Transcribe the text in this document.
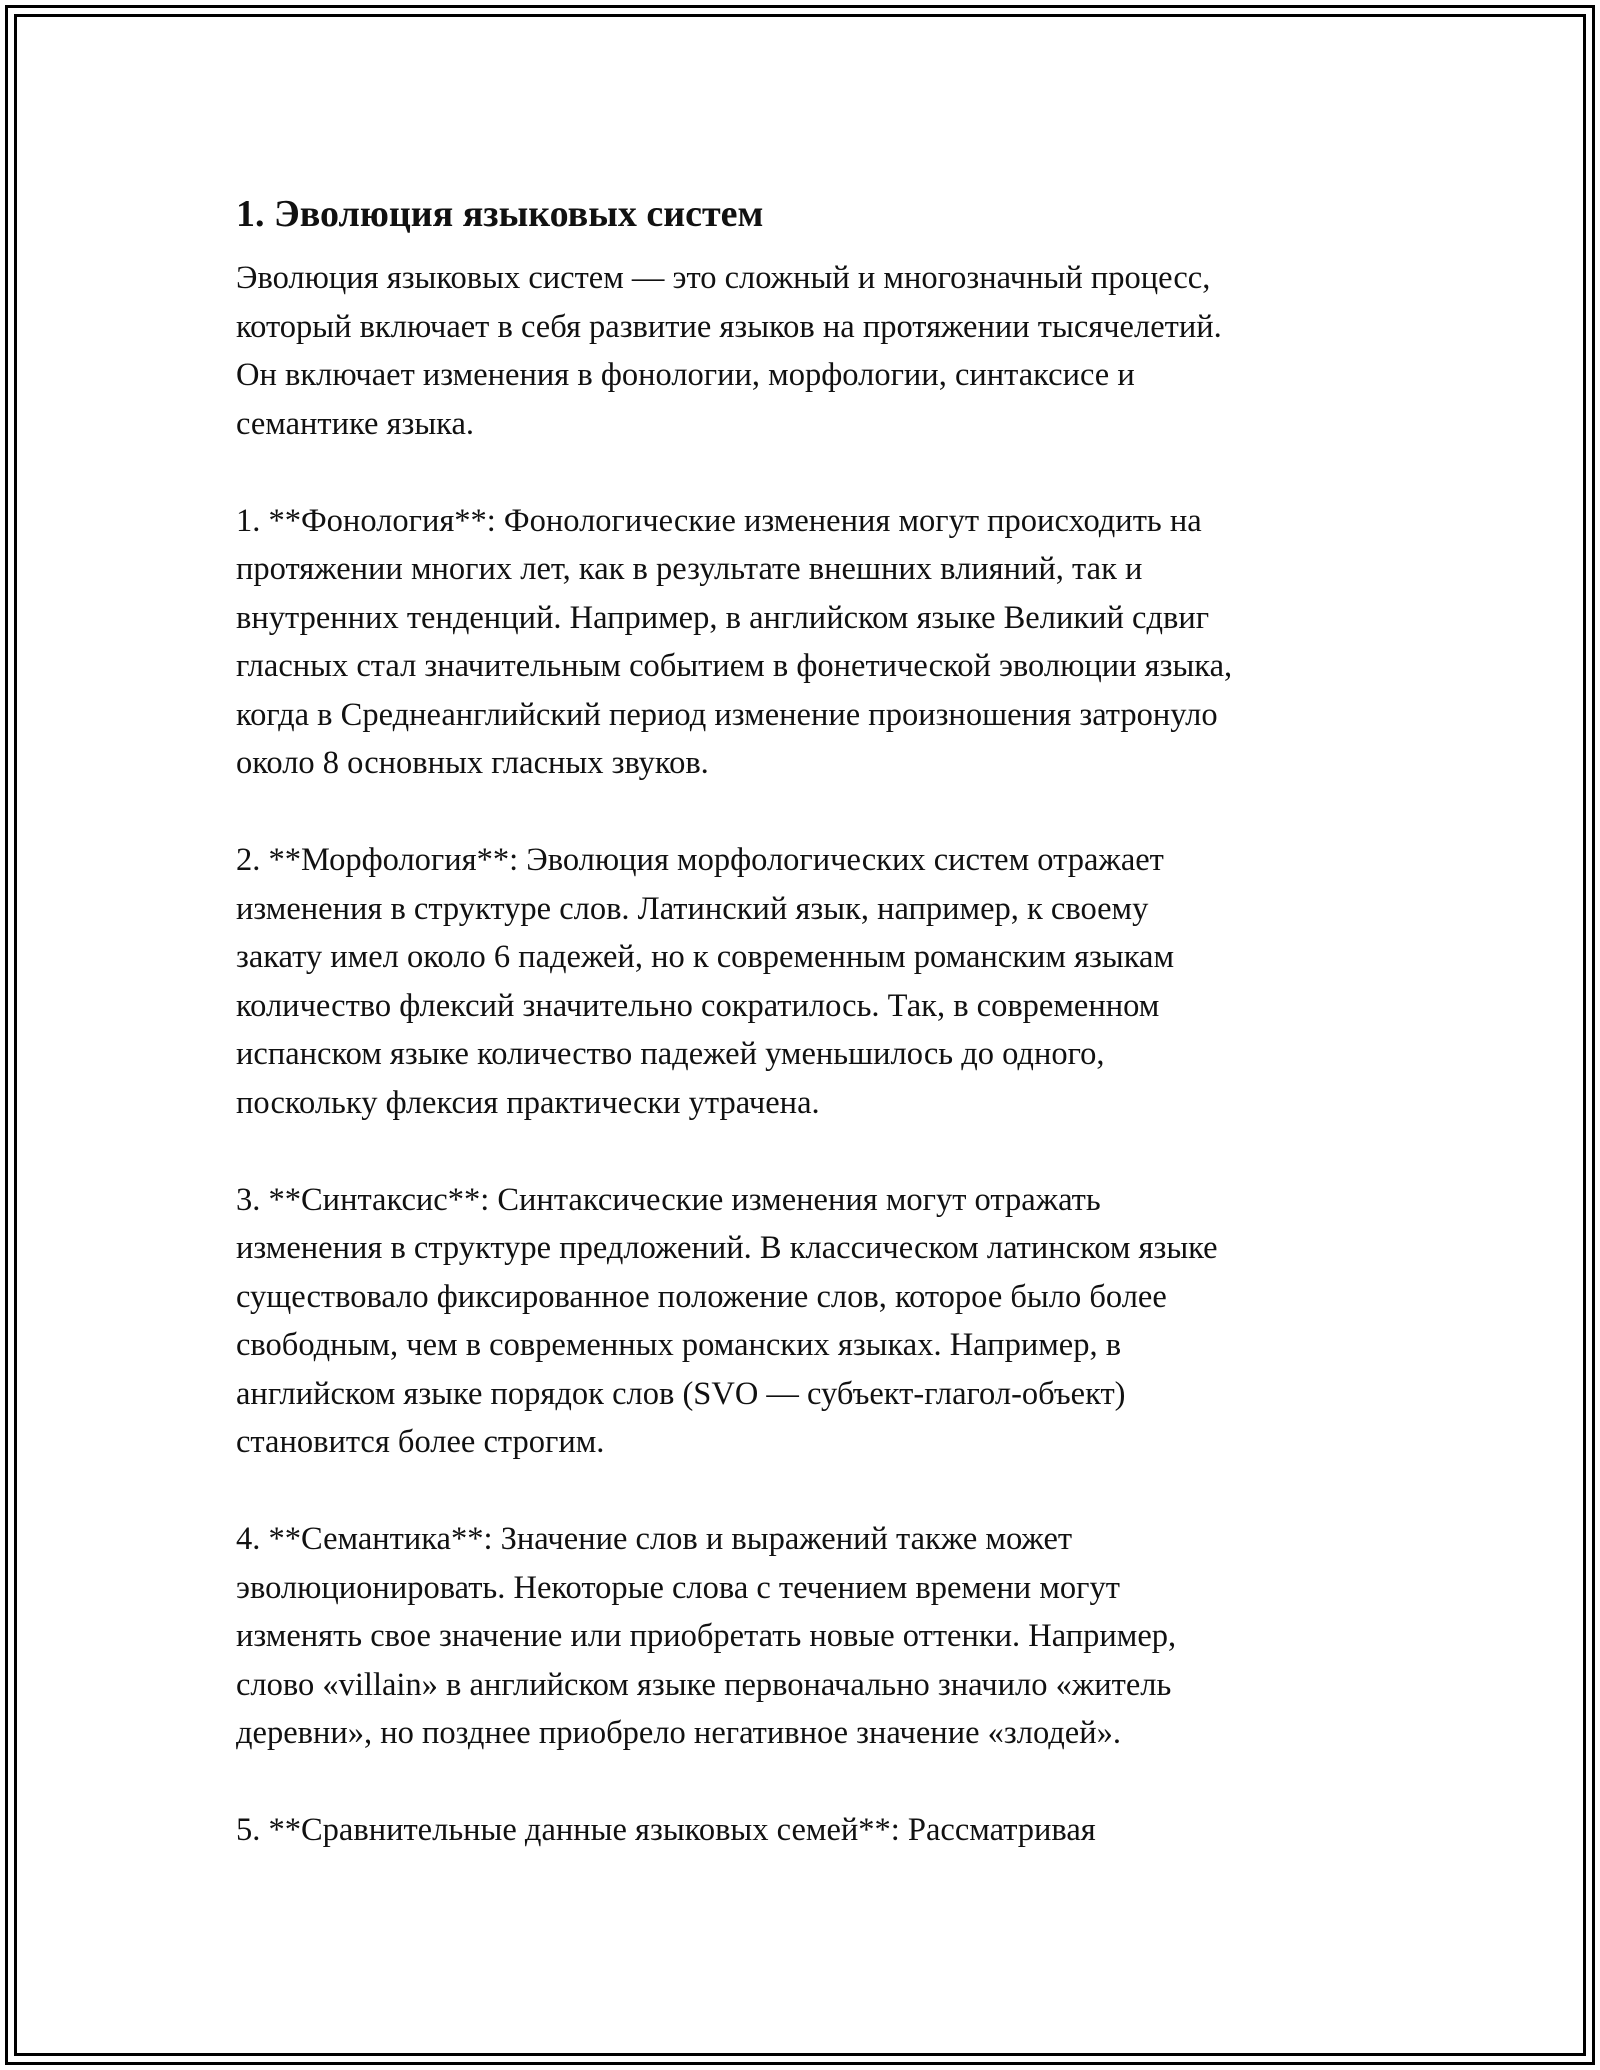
1. Эволюция языковых систем

Эволюция языковых систем — это сложный и многозначный процесс,
который включает в себя развитие языков на протяжении тысячелетий.
Он включает изменения в фонологии, морфологии, синтаксисе и
семантике языка.

1. **Фонология**: Фонологические изменения могут происходить на
протяжении многих лет, как в результате внешних влияний, так и
внутренних тенденций. Например, в английском языке Великий сдвиг
гласных стал значительным событием в фонетической эволюции языка,
когда в Среднеанглийский период изменение произношения затронуло
около 8 основных гласных звуков.

2. **Морфология**: Эволюция морфологических систем отражает
изменения в структуре слов. Латинский язык, например, к своему
закату имел около 6 падежей, но к современным романским языкам
количество флексий значительно сократилось. Так, в современном
испанском языке количество падежей уменьшилось до одного,
поскольку флексия практически утрачена.

3. **Синтаксис**: Синтаксические изменения могут отражать
изменения в структуре предложений. В классическом латинском языке
существовало фиксированное положение слов, которое было более
свободным, чем в современных романских языках. Например, в
английском языке порядок слов (SVO — субъект-глагол-объект)
становится более строгим.

4. **Семантика**: Значение слов и выражений также может
эволюционировать. Некоторые слова с течением времени могут
изменять свое значение или приобретать новые оттенки. Например,
слово «villain» в английском языке первоначально значило «житель
деревни», но позднее приобрело негативное значение «злодей».

5. **Сравнительные данные языковых семей**: Рассматривая
